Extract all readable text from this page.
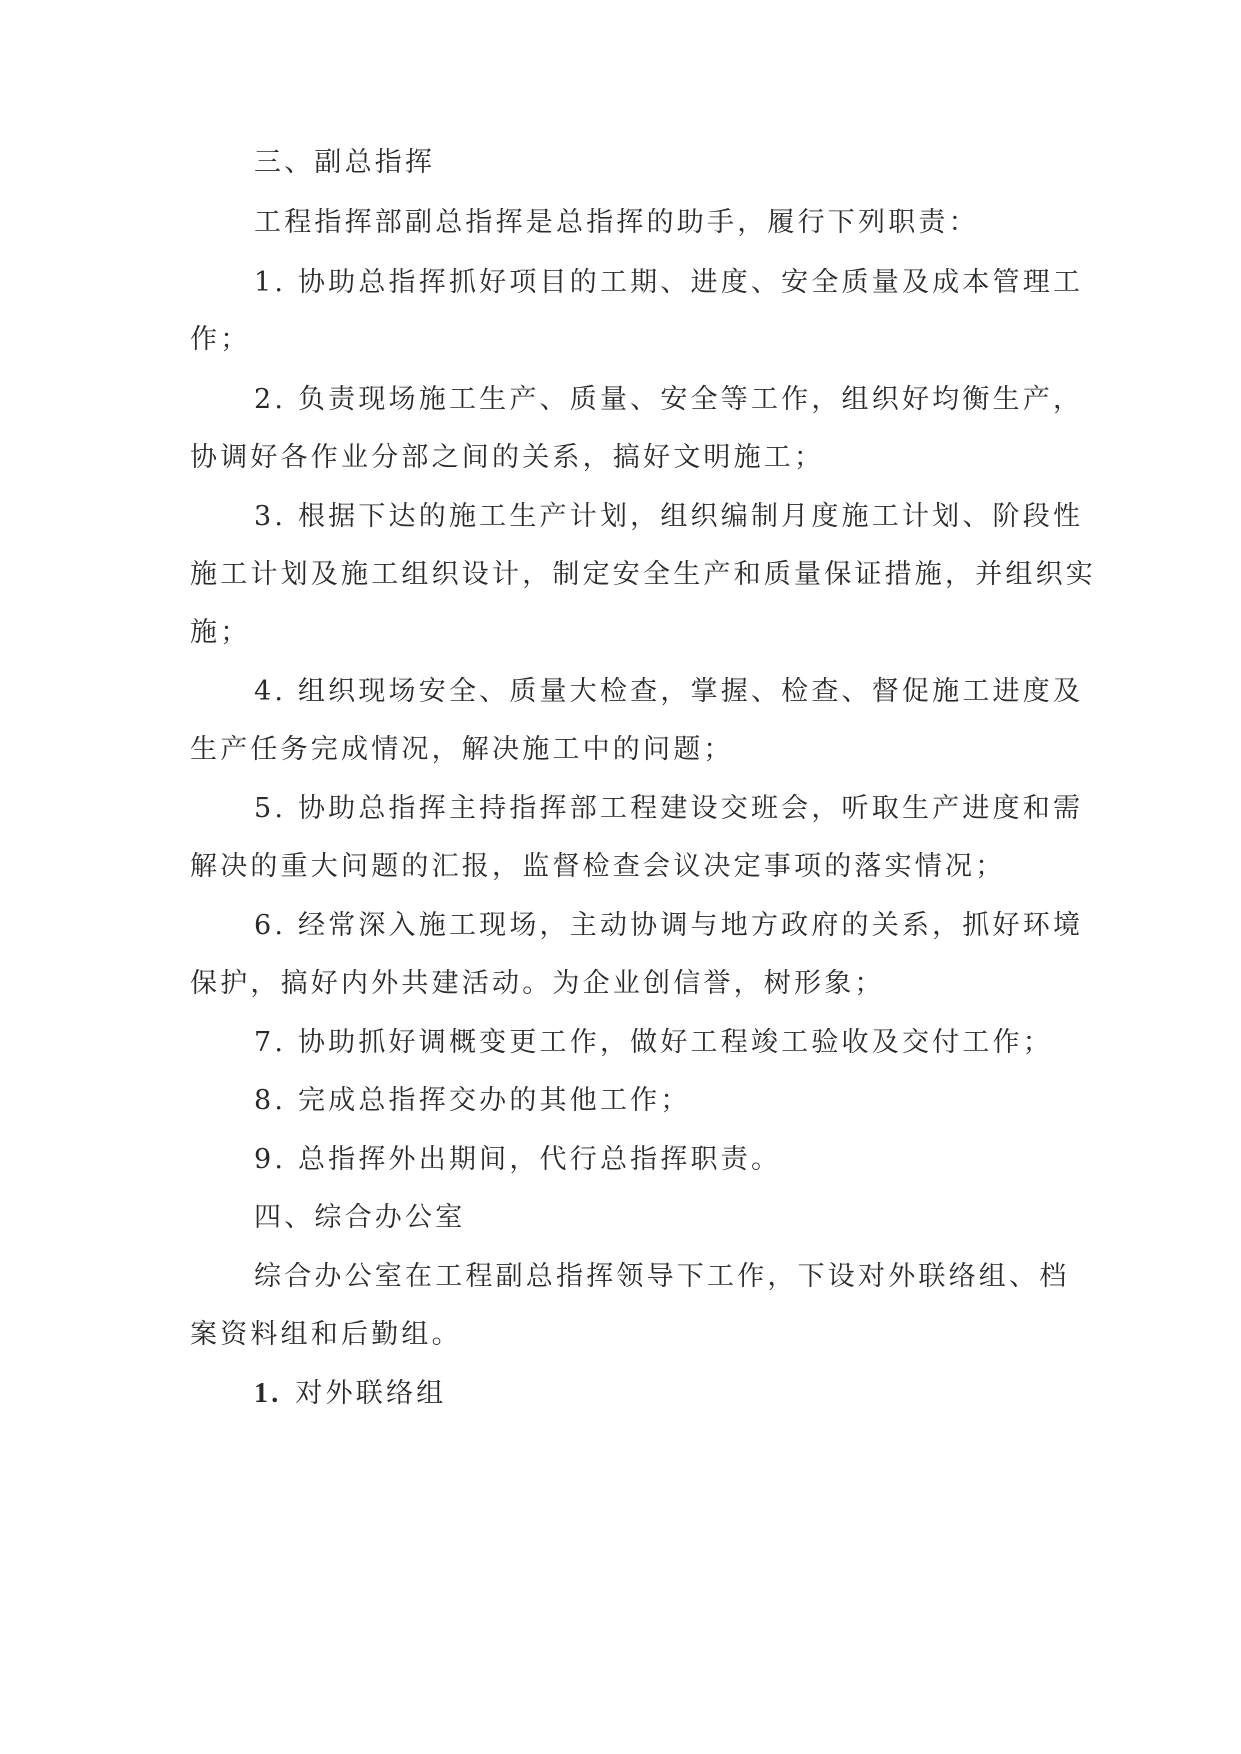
三、副总指挥
工程指挥部副总指挥是总指挥的助手，履行下列职责：
1. 协助总指挥抓好项目的工期、进度、安全质量及成本管理工
作；
2. 负责现场施工生产、质量、安全等工作，组织好均衡生产，
协调好各作业分部之间的关系，搞好文明施工；
3. 根据下达的施工生产计划，组织编制月度施工计划、阶段性
施工计划及施工组织设计，制定安全生产和质量保证措施，并组织实
施；
4. 组织现场安全、质量大检查，掌握、检查、督促施工进度及
生产任务完成情况，解决施工中的问题；
5. 协助总指挥主持指挥部工程建设交班会，听取生产进度和需
解决的重大问题的汇报，监督检查会议决定事项的落实情况；
6. 经常深入施工现场，主动协调与地方政府的关系，抓好环境
保护，搞好内外共建活动。为企业创信誉，树形象；
7. 协助抓好调概变更工作，做好工程竣工验收及交付工作；
8. 完成总指挥交办的其他工作；
9. 总指挥外出期间，代行总指挥职责。
四、综合办公室
综合办公室在工程副总指挥领导下工作，下设对外联络组、档
案资料组和后勤组。
1. 对外联络组
